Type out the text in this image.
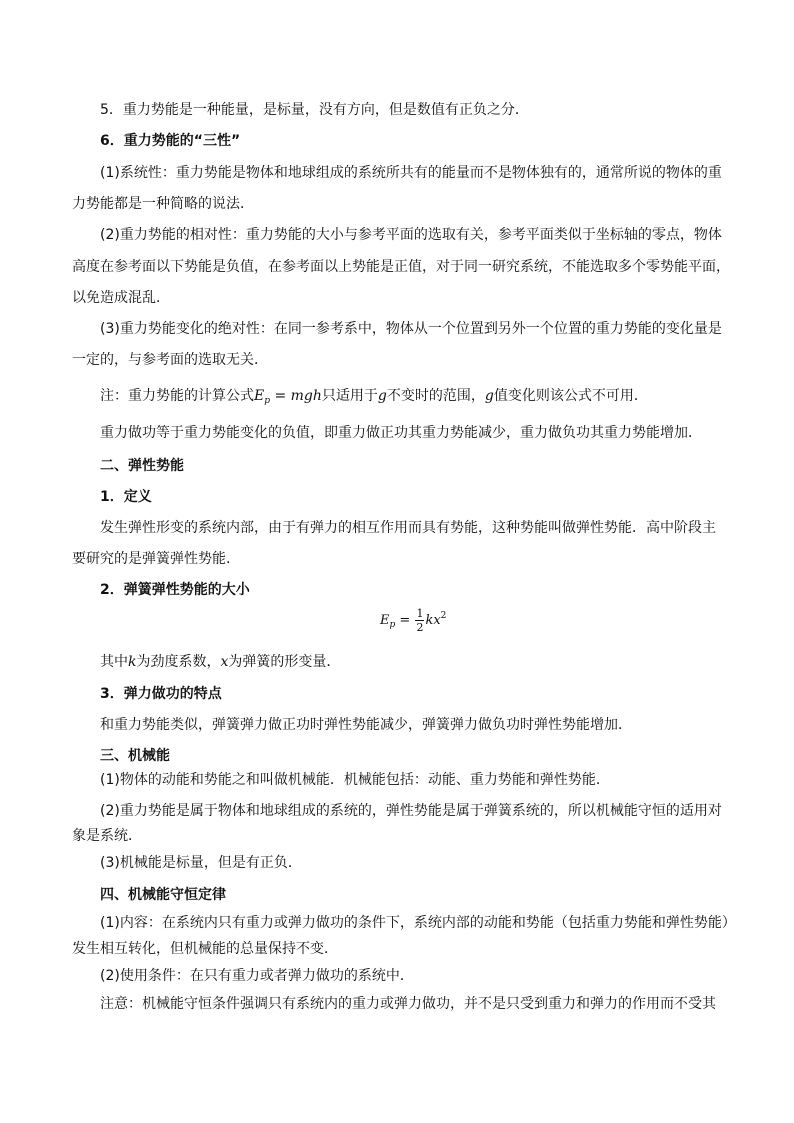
5．重力势能是一种能量，是标量，没有方向，但是数值有正负之分．
6．重力势能的“三性”
(1)系统性：重力势能是物体和地球组成的系统所共有的能量而不是物体独有的，通常所说的物体的重
力势能都是一种简略的说法．
(2)重力势能的相对性：重力势能的大小与参考平面的选取有关，参考平面类似于坐标轴的零点，物体
高度在参考面以下势能是负值，在参考面以上势能是正值，对于同一研究系统，不能选取多个零势能平面，
以免造成混乱．
(3)重力势能变化的绝对性：在同一参考系中，物体从一个位置到另外一个位置的重力势能的变化量是
一定的，与参考面的选取无关．
注：重力势能的计算公式$E_p$ = mgh只适用于g不变时的范围，g值变化则该公式不可用．
重力做功等于重力势能变化的负值，即重力做正功其重力势能减少，重力做负功其重力势能增加．
二、弹性势能
1．定义
发生弹性形变的系统内部，由于有弹力的相互作用而具有势能，这种势能叫做弹性势能．高中阶段主
要研究的是弹簧弹性势能.
2．弹簧弹性势能的大小
$E_p = \frac{1}{2} kx^2$
其中k为劲度系数，x为弹簧的形变量．
3．弹力做功的特点
和重力势能类似，弹簧弹力做正功时弹性势能减少，弹簧弹力做负功时弹性势能增加．
三、机械能
(1)物体的动能和势能之和叫做机械能．机械能包括：动能、重力势能和弹性势能．
(2)重力势能是属于物体和地球组成的系统的，弹性势能是属于弹簧系统的，所以机械能守恒的适用对
象是系统．
(3)机械能是标量，但是有正负．
四、机械能守恒定律
(1)内容：在系统内只有重力或弹力做功的条件下，系统内部的动能和势能（包括重力势能和弹性势能）
发生相互转化，但机械能的总量保持不变．
(2)使用条件：在只有重力或者弹力做功的系统中．
注意：机械能守恒条件强调只有系统内的重力或弹力做功，并不是只受到重力和弹力的作用而不受其
